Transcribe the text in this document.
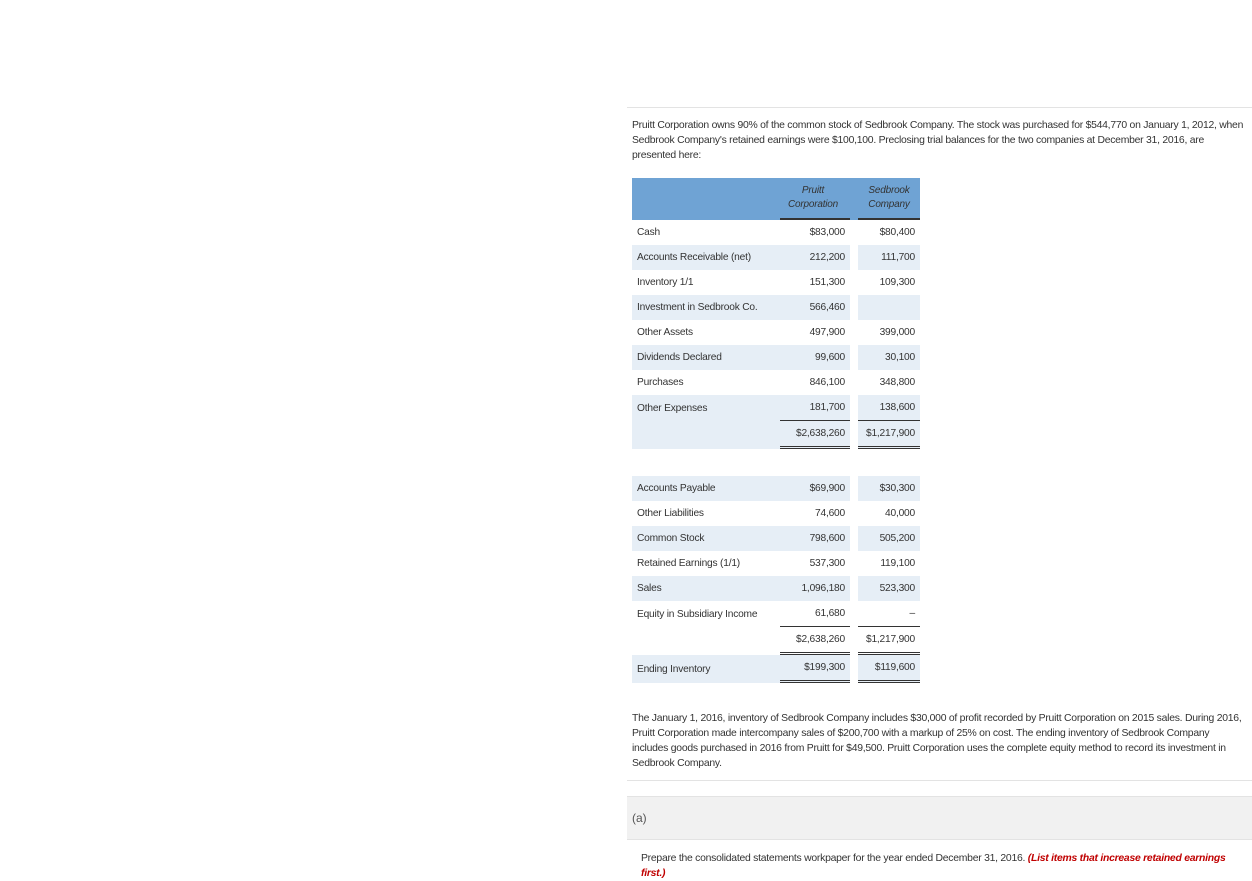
Pruitt Corporation owns 90% of the common stock of Sedbrook Company. The stock was purchased for $544,770 on January 1, 2012, when Sedbrook Company's retained earnings were $100,100. Preclosing trial balances for the two companies at December 31, 2016, are presented here:
	Pruitt Corporation		Sedbrook Company
Cash	$83,000		$80,400
Accounts Receivable (net)	212,200		111,700
Inventory 1/1	151,300		109,300
Investment in Sedbrook Co.	566,460		
Other Assets	497,900		399,000
Dividends Declared	99,600		30,100
Purchases	846,100		348,800
Other Expenses	181,700		138,600
	$2,638,260		$1,217,900

Accounts Payable	$69,900		$30,300
Other Liabilities	74,600		40,000
Common Stock	798,600		505,200
Retained Earnings (1/1)	537,300		119,100
Sales	1,096,180		523,300
Equity in Subsidiary Income	61,680		–
	$2,638,260		$1,217,900
Ending Inventory	$199,300		$119,600
The January 1, 2016, inventory of Sedbrook Company includes $30,000 of profit recorded by Pruitt Corporation on 2015 sales. During 2016, Pruitt Corporation made intercompany sales of $200,700 with a markup of 25% on cost. The ending inventory of Sedbrook Company includes goods purchased in 2016 from Pruitt for $49,500. Pruitt Corporation uses the complete equity method to record its investment in Sedbrook Company.
(a)
Prepare the consolidated statements workpaper for the year ended December 31, 2016. (List items that increase retained earnings first.)
